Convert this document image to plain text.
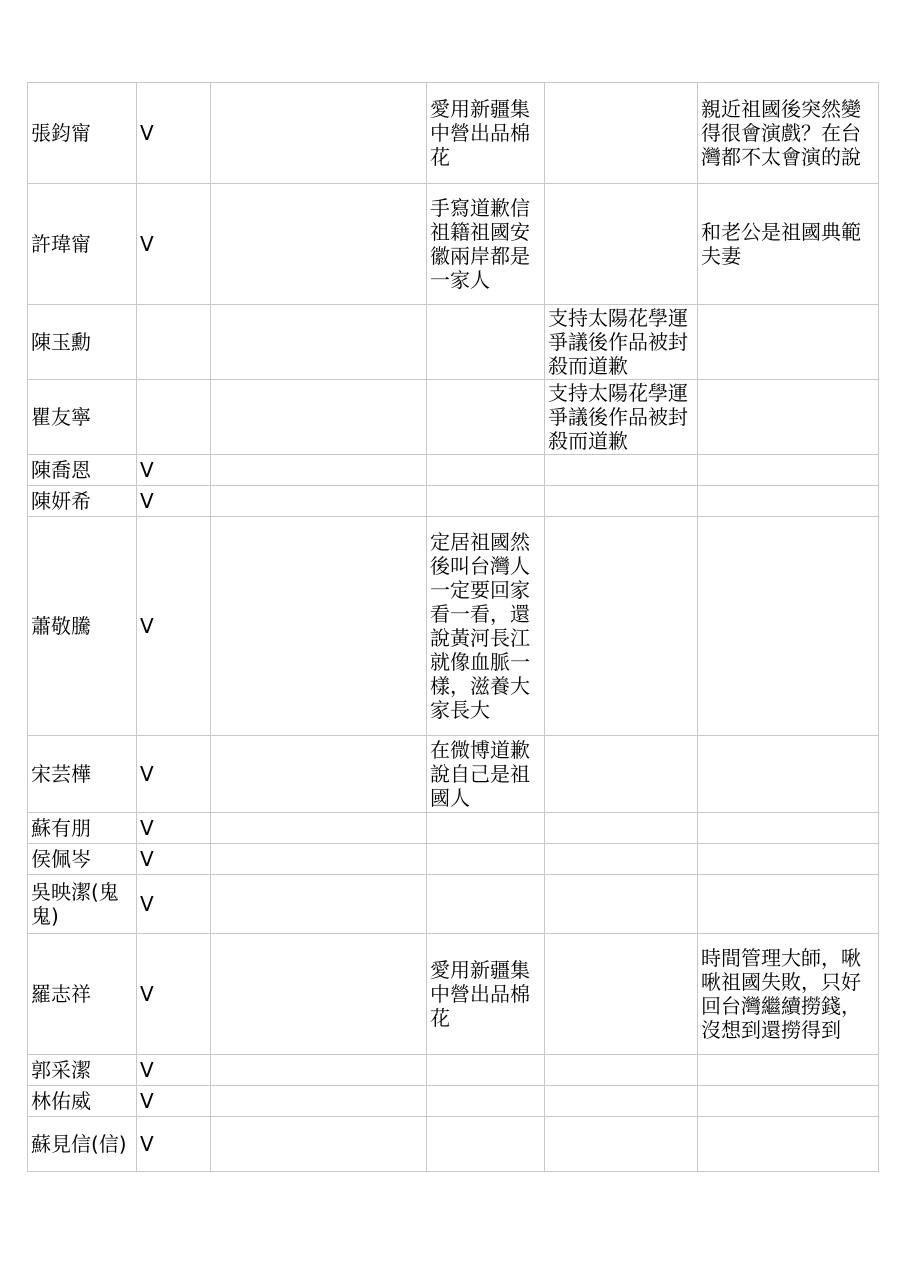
張鈞甯	V		愛用新疆集中營出品棉花		親近祖國後突然變得很會演戲？在台灣都不太會演的說
許瑋甯	V		手寫道歉信祖籍祖國安徽兩岸都是一家人		和老公是祖國典範夫妻
陳玉勳				支持太陽花學運爭議後作品被封殺而道歉	
瞿友寧				支持太陽花學運爭議後作品被封殺而道歉	
陳喬恩	V				
陳妍希	V				
蕭敬騰	V		定居祖國然後叫台灣人一定要回家看一看，還說黃河長江就像血脈一樣，滋養大家長大		
宋芸樺	V		在微博道歉說自己是祖國人		
蘇有朋	V				
侯佩岑	V				
吳映潔(鬼鬼)	V				
羅志祥	V		愛用新疆集中營出品棉花		時間管理大師，啾啾祖國失敗，只好回台灣繼續撈錢，沒想到還撈得到
郭采潔	V				
林佑威	V				
蘇見信(信)	V				
